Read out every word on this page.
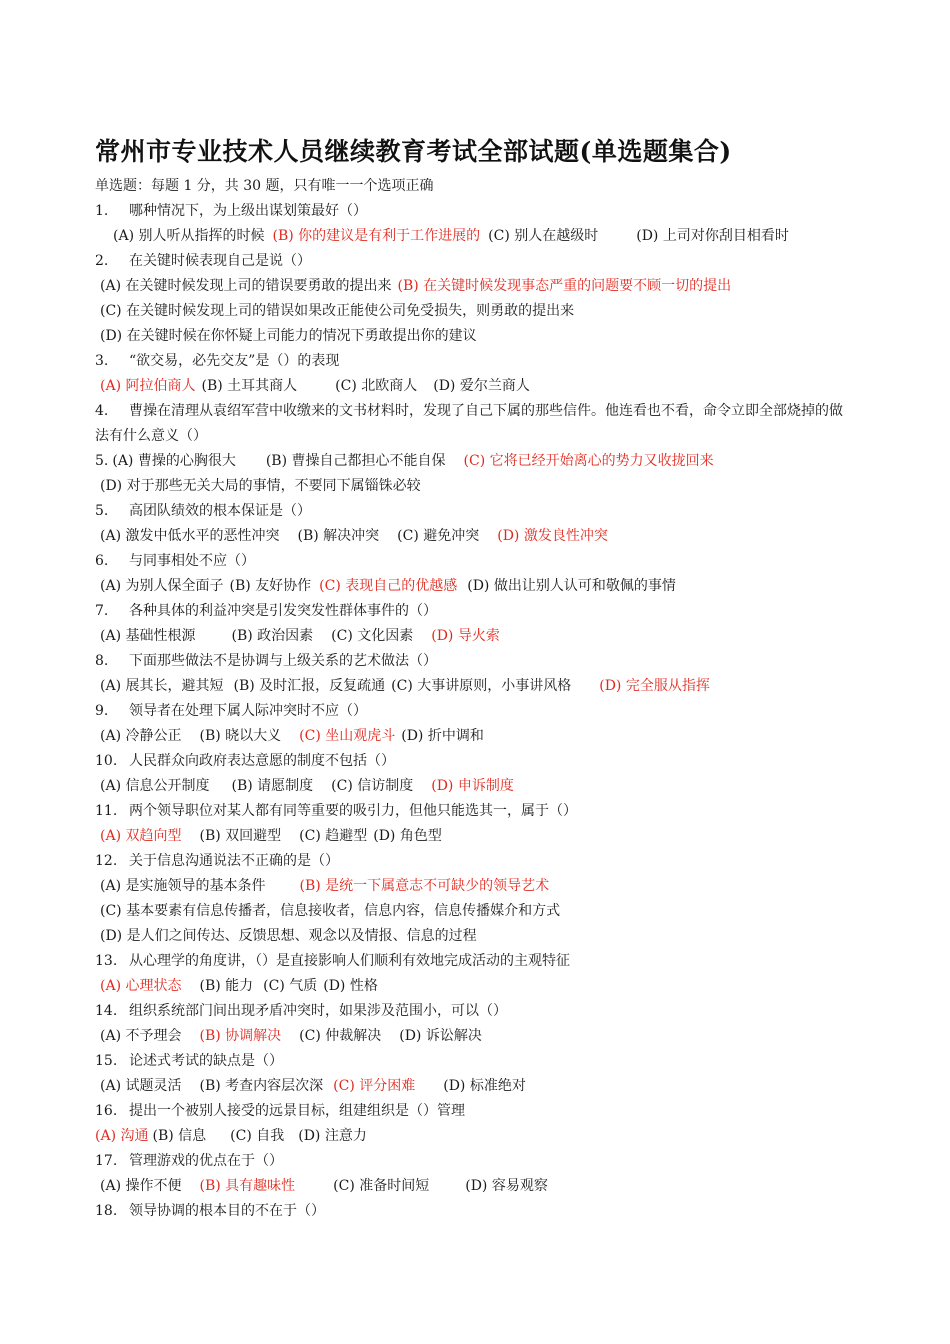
常州市专业技术人员继续教育考试全部试题(单选题集合)
单选题：每题 1 分，共 30 题，只有唯一一个选项正确
1. 哪种情况下，为上级出谋划策最好（）
(A) 别人听从指挥的时候 (B) 你的建议是有利于工作进展的 (C) 别人在越级时	(D) 上司对你刮目相看时
2. 在关键时候表现自己是说（）
(A) 在关键时候发现上司的错误要勇敢的提出来 (B) 在关键时候发现事态严重的问题要不顾一切的提出
(C) 在关键时候发现上司的错误如果改正能使公司免受损失，则勇敢的提出来
(D) 在关键时候在你怀疑上司能力的情况下勇敢提出你的建议
3. “欲交易，必先交友”是（）的表现
(A) 阿拉伯商人 (B) 土耳其商人	(C) 北欧商人 (D) 爱尔兰商人
4. 曹操在清理从袁绍军营中收缴来的文书材料时，发现了自己下属的那些信件。他连看也不看，命令立即全部烧掉的做
法有什么意义（）
5. (A) 曹操的心胸很大 (B) 曹操自己都担心不能自保 (C) 它将已经开始离心的势力又收拢回来
(D) 对于那些无关大局的事情，不要同下属锱铢必较
5. 高团队绩效的根本保证是（）
(A) 激发中低水平的恶性冲突 (B) 解决冲突 (C) 避免冲突 (D) 激发良性冲突
6. 与同事相处不应（）
(A) 为别人保全面子 (B) 友好协作 (C) 表现自己的优越感 (D) 做出让别人认可和敬佩的事情
7. 各种具体的利益冲突是引发突发性群体事件的（）
(A) 基础性根源	(B) 政治因素 (C) 文化因素 (D) 导火索
8. 下面那些做法不是协调与上级关系的艺术做法（）
(A) 展其长，避其短 (B) 及时汇报，反复疏通 (C) 大事讲原则，小事讲风格 (D) 完全服从指挥
9. 领导者在处理下属人际冲突时不应（）
(A) 冷静公正 (B) 晓以大义 (C) 坐山观虎斗 (D) 折中调和
10. 人民群众向政府表达意愿的制度不包括（）
(A) 信息公开制度 (B) 请愿制度 (C) 信访制度 (D) 申诉制度
11. 两个领导职位对某人都有同等重要的吸引力，但他只能选其一，属于（）
(A) 双趋向型 (B) 双回避型 (C) 趋避型 (D) 角色型
12. 关于信息沟通说法不正确的是（）
(A) 是实施领导的基本条件 (B) 是统一下属意志不可缺少的领导艺术
(C) 基本要素有信息传播者，信息接收者，信息内容，信息传播媒介和方式
(D) 是人们之间传达、反馈思想、观念以及情报、信息的过程
13. 从心理学的角度讲，（）是直接影响人们顺利有效地完成活动的主观特征
(A) 心理状态 (B) 能力 (C) 气质 (D) 性格
14. 组织系统部门间出现矛盾冲突时，如果涉及范围小，可以（）
(A) 不予理会 (B) 协调解决 (C) 仲裁解决 (D) 诉讼解决
15. 论述式考试的缺点是（）
(A) 试题灵活 (B) 考查内容层次深 (C) 评分困难 (D) 标准绝对
16. 提出一个被别人接受的远景目标，组建组织是（）管理
(A) 沟通 (B) 信息 (C) 自我 (D) 注意力
17. 管理游戏的优点在于（）
(A) 操作不便 (B) 具有趣味性	(C) 准备时间短	(D) 容易观察
18. 领导协调的根本目的不在于（）
